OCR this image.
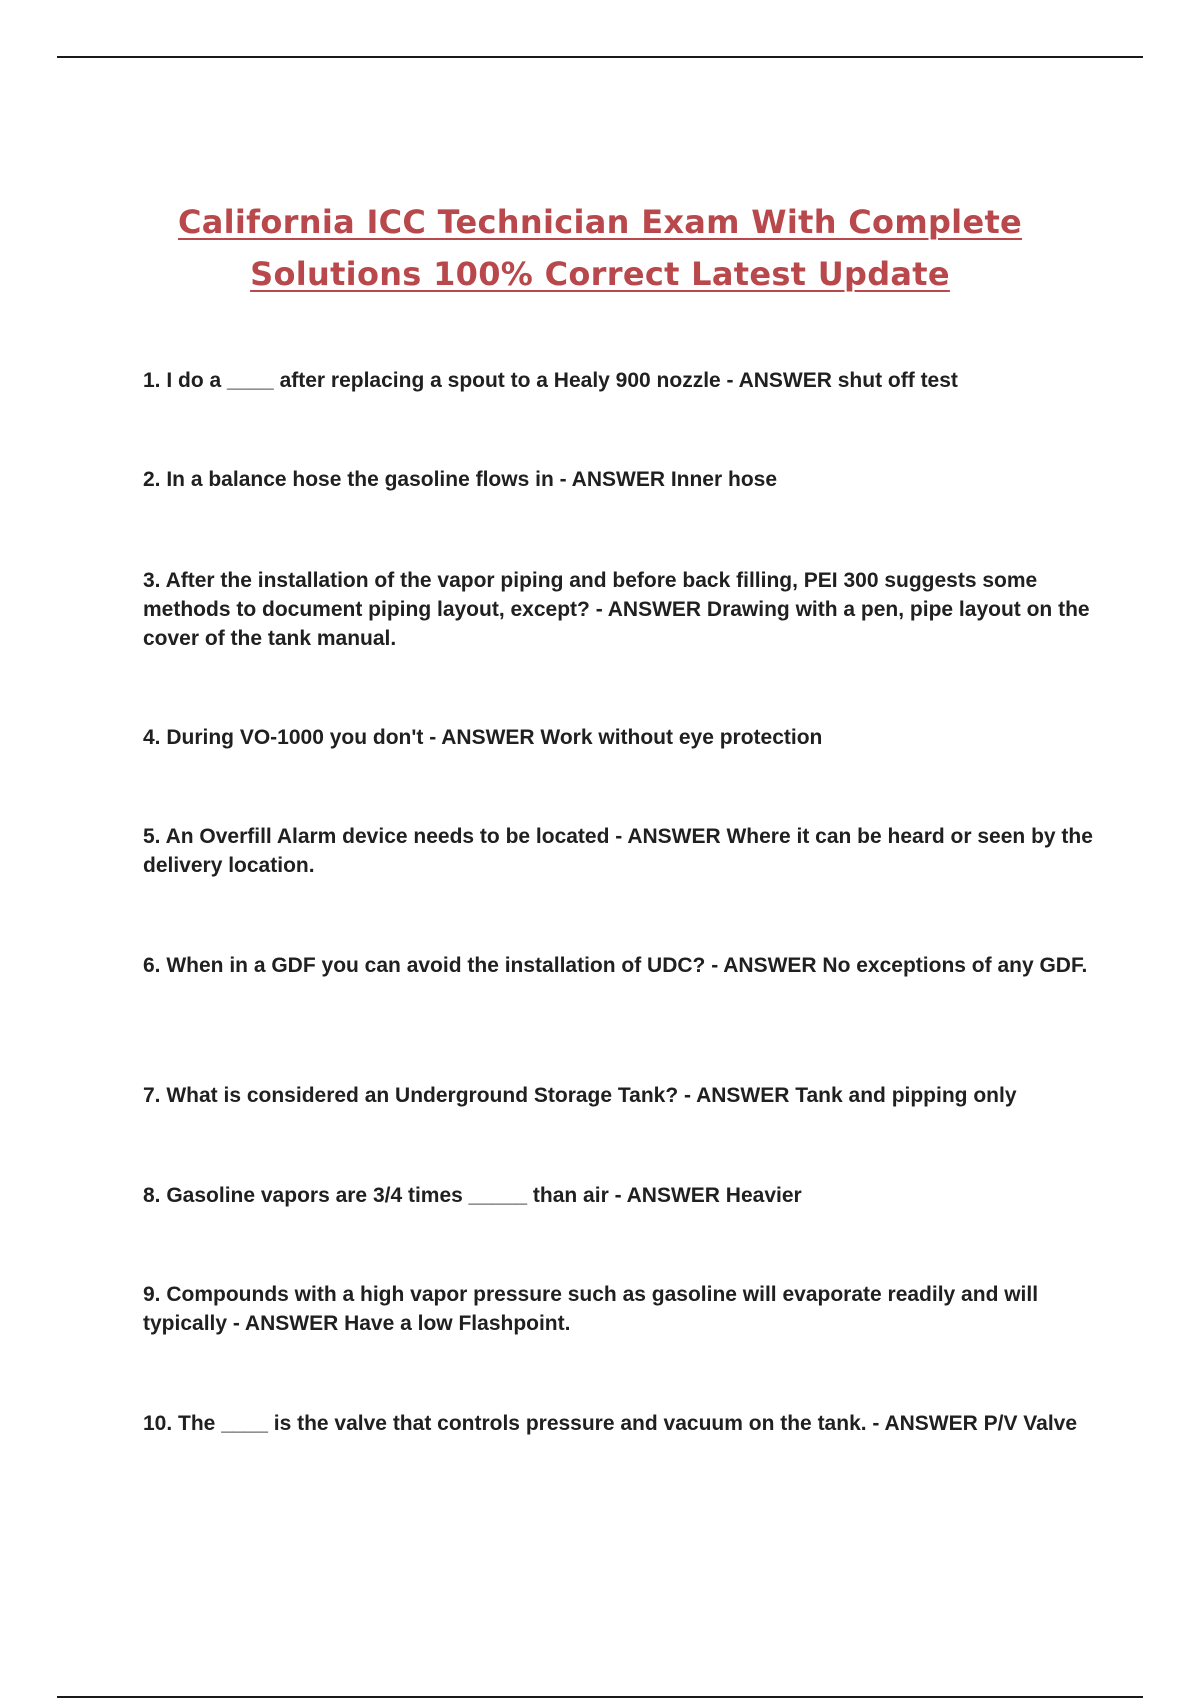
California ICC Technician Exam With Complete
Solutions 100% Correct Latest Update

1. I do a ____ after replacing a spout to a Healy 900 nozzle - ANSWER shut off test

2. In a balance hose the gasoline flows in - ANSWER Inner hose

3. After the installation of the vapor piping and before back filling, PEI 300 suggests some methods to document piping layout, except? - ANSWER Drawing with a pen, pipe layout on the cover of the tank manual.

4. During VO-1000 you don't - ANSWER Work without eye protection

5. An Overfill Alarm device needs to be located - ANSWER Where it can be heard or seen by the delivery location.

6. When in a GDF you can avoid the installation of UDC? - ANSWER No exceptions of any GDF.

7. What is considered an Underground Storage Tank? - ANSWER Tank and pipping only

8. Gasoline vapors are 3/4 times _____ than air - ANSWER Heavier

9. Compounds with a high vapor pressure such as gasoline will evaporate readily and will typically - ANSWER Have a low Flashpoint.

10. The ____ is the valve that controls pressure and vacuum on the tank. - ANSWER P/V Valve
